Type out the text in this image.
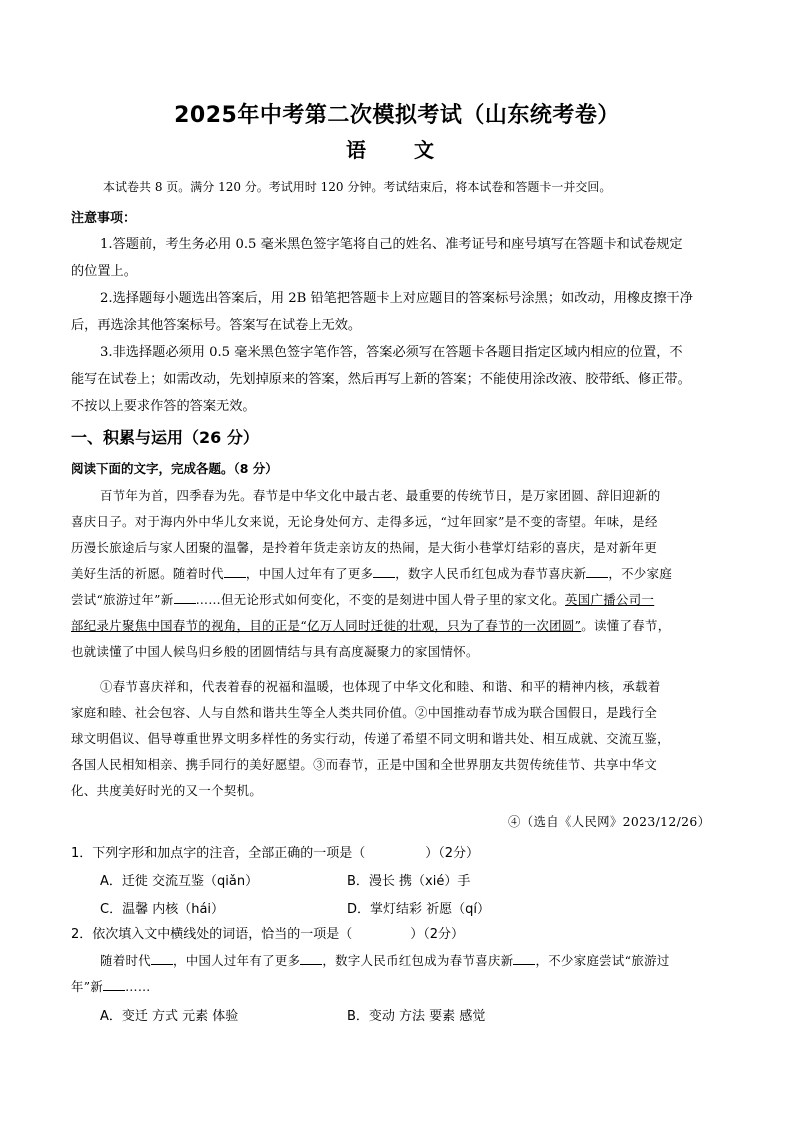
2025年中考第二次模拟考试（山东统考卷）
语　文
本试卷共 8 页。满分 120 分。考试用时 120 分钟。考试结束后，将本试卷和答题卡一并交回。
注意事项：
1.答题前，考生务必用 0.5 毫米黑色签字笔将自己的姓名、准考证号和座号填写在答题卡和试卷规定
的位置上。
2.选择题每小题选出答案后，用 2B 铅笔把答题卡上对应题目的答案标号涂黑；如改动，用橡皮擦干净
后，再选涂其他答案标号。答案写在试卷上无效。
3.非选择题必须用 0.5 毫米黑色签字笔作答，答案必须写在答题卡各题目指定区域内相应的位置，不
能写在试卷上；如需改动，先划掉原来的答案，然后再写上新的答案；不能使用涂改液、胶带纸、修正带。
不按以上要求作答的答案无效。
一、积累与运用（26 分）
阅读下面的文字，完成各题。（8 分）
百节年为首，四季春为先。春节是中华文化中最古老、最重要的传统节日，是万家团圆、辞旧迎新的
喜庆日子。对于海内外中华儿女来说，无论身处何方、走得多远，“过年回家”是不变的寄望。年味，是经
历漫长旅途后与家人团聚的温馨，是拎着年货走亲访友的热闹，是大街小巷掌灯结彩的喜庆，是对新年更
美好生活的祈愿。随着时代 ，中国人过年有了更多 ，数字人民币红包成为春节喜庆新 ，不少家庭
尝试“旅游过年”新 ……但无论形式如何变化，不变的是刻进中国人骨子里的家文化。英国广播公司一
部纪录片聚焦中国春节的视角，目的正是“亿万人同时迁徙的壮观，只为了春节的一次团圆”。读懂了春节，
也就读懂了中国人候鸟归乡般的团圆情结与具有高度凝聚力的家国情怀。
①春节喜庆祥和，代表着春的祝福和温暖，也体现了中华文化和睦、和谐、和平的精神内核，承载着
家庭和睦、社会包容、人与自然和谐共生等全人类共同价值。②中国推动春节成为联合国假日，是践行全
球文明倡议、倡导尊重世界文明多样性的务实行动，传递了希望不同文明和谐共处、相互成就、交流互鉴，
各国人民相知相亲、携手同行的美好愿望。③而春节，正是中国和全世界朋友共贺传统佳节、共享中华文
化、共度美好时光的又一个契机。
④（选自《人民网》2023/12/26）
1．下列字形和加点字的注音，全部正确的一项是（	）（2分）
A．迁徙 交流互鉴（qiǎn）	B．漫长 携（xié）手
C．温馨 内核（hái）	D．掌灯结彩 祈愿（qí）
2．依次填入文中横线处的词语，恰当的一项是（	）（2分）
随着时代 ，中国人过年有了更多 ，数字人民币红包成为春节喜庆新 ，不少家庭尝试“旅游过
年”新 ……
A．变迁 方式 元素 体验	B．变动 方法 要素 感觉
